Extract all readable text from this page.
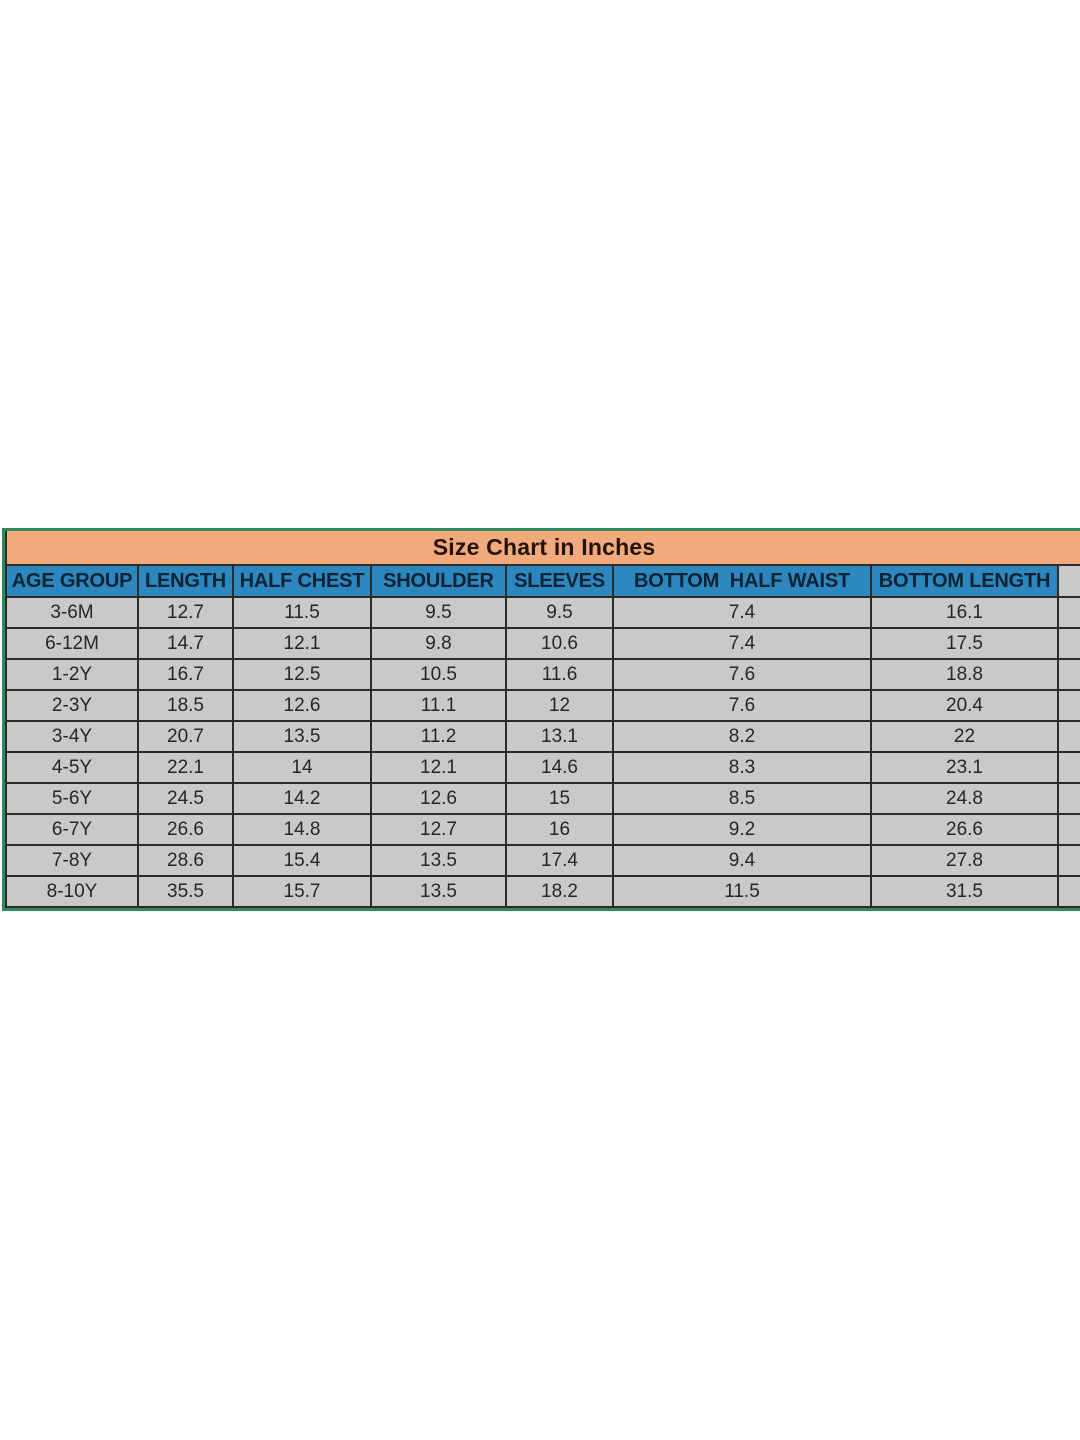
Size Chart in Inches							
AGE GROUP	LENGTH	HALF CHEST	SHOULDER	SLEEVES	BOTTOM  HALF WAIST	BOTTOM LENGTH	
3-6M	12.7	11.5	9.5	9.5	7.4	16.1	
6-12M	14.7	12.1	9.8	10.6	7.4	17.5	
1-2Y	16.7	12.5	10.5	11.6	7.6	18.8	
2-3Y	18.5	12.6	11.1	12	7.6	20.4	
3-4Y	20.7	13.5	11.2	13.1	8.2	22	
4-5Y	22.1	14	12.1	14.6	8.3	23.1	
5-6Y	24.5	14.2	12.6	15	8.5	24.8	
6-7Y	26.6	14.8	12.7	16	9.2	26.6	
7-8Y	28.6	15.4	13.5	17.4	9.4	27.8	
8-10Y	35.5	15.7	13.5	18.2	11.5	31.5	
